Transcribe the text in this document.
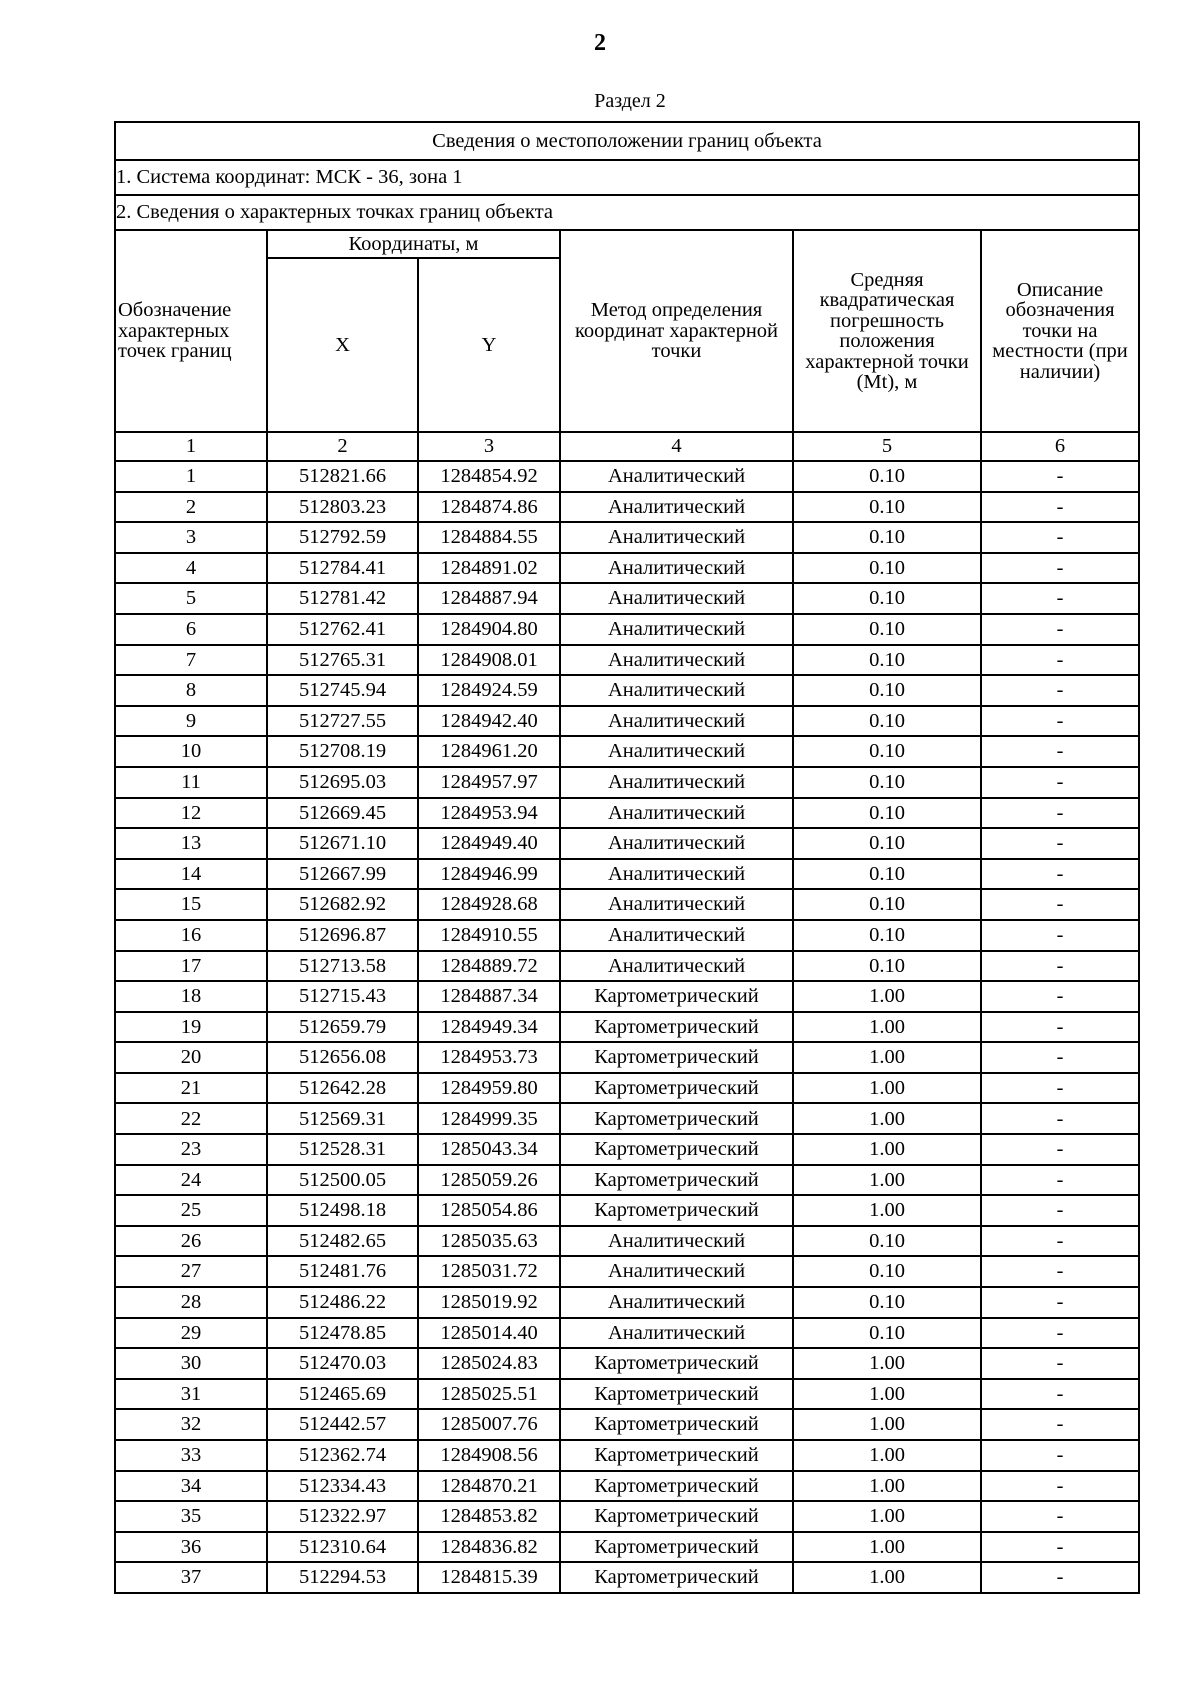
2
Раздел 2
Сведения о местоположении границ объекта					
1. Система координат: МСК - 36, зона 1					
2. Сведения о характерных точках границ объекта					
Обозначение характерных точек границ	Координаты, м		Метод определения координат характерной точки	Средняя квадратическая погрешность положения характерной точки (Mt), м	Описание обозначения точки на местности (при наличии)
	X	Y			
1	2	3	4	5	6
1	512821.66	1284854.92	Аналитический	0.10	-
2	512803.23	1284874.86	Аналитический	0.10	-
3	512792.59	1284884.55	Аналитический	0.10	-
4	512784.41	1284891.02	Аналитический	0.10	-
5	512781.42	1284887.94	Аналитический	0.10	-
6	512762.41	1284904.80	Аналитический	0.10	-
7	512765.31	1284908.01	Аналитический	0.10	-
8	512745.94	1284924.59	Аналитический	0.10	-
9	512727.55	1284942.40	Аналитический	0.10	-
10	512708.19	1284961.20	Аналитический	0.10	-
11	512695.03	1284957.97	Аналитический	0.10	-
12	512669.45	1284953.94	Аналитический	0.10	-
13	512671.10	1284949.40	Аналитический	0.10	-
14	512667.99	1284946.99	Аналитический	0.10	-
15	512682.92	1284928.68	Аналитический	0.10	-
16	512696.87	1284910.55	Аналитический	0.10	-
17	512713.58	1284889.72	Аналитический	0.10	-
18	512715.43	1284887.34	Картометрический	1.00	-
19	512659.79	1284949.34	Картометрический	1.00	-
20	512656.08	1284953.73	Картометрический	1.00	-
21	512642.28	1284959.80	Картометрический	1.00	-
22	512569.31	1284999.35	Картометрический	1.00	-
23	512528.31	1285043.34	Картометрический	1.00	-
24	512500.05	1285059.26	Картометрический	1.00	-
25	512498.18	1285054.86	Картометрический	1.00	-
26	512482.65	1285035.63	Аналитический	0.10	-
27	512481.76	1285031.72	Аналитический	0.10	-
28	512486.22	1285019.92	Аналитический	0.10	-
29	512478.85	1285014.40	Аналитический	0.10	-
30	512470.03	1285024.83	Картометрический	1.00	-
31	512465.69	1285025.51	Картометрический	1.00	-
32	512442.57	1285007.76	Картометрический	1.00	-
33	512362.74	1284908.56	Картометрический	1.00	-
34	512334.43	1284870.21	Картометрический	1.00	-
35	512322.97	1284853.82	Картометрический	1.00	-
36	512310.64	1284836.82	Картометрический	1.00	-
37	512294.53	1284815.39	Картометрический	1.00	-
